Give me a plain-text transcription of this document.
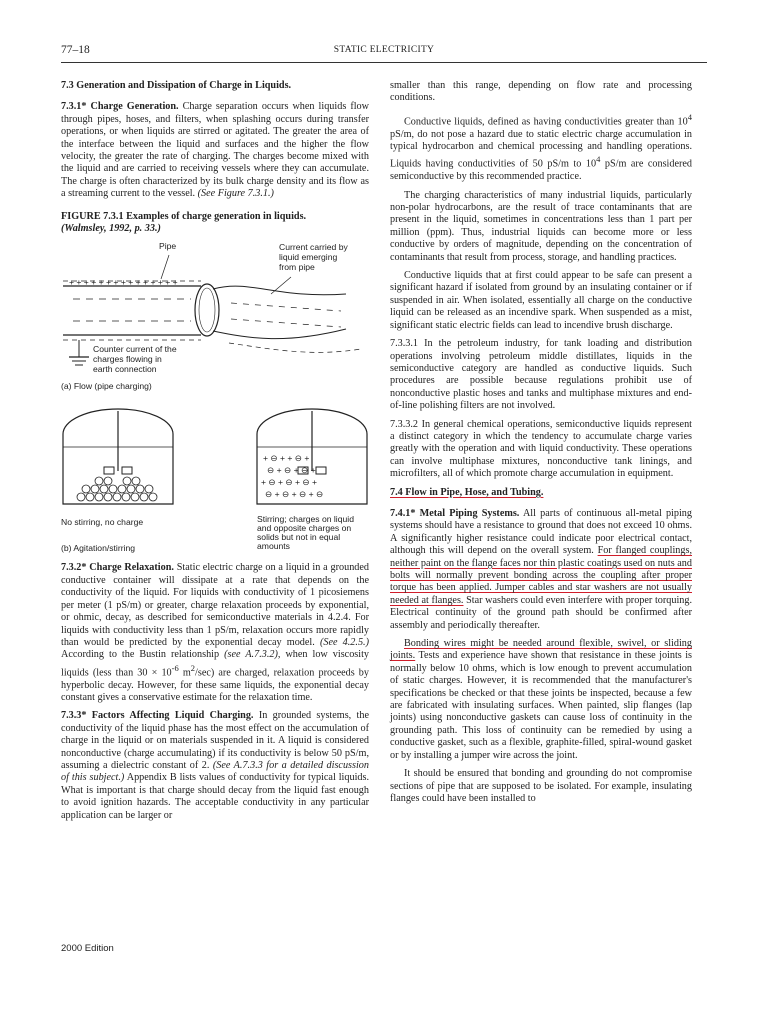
77–18	STATIC ELECTRICITY

7.3 Generation and Dissipation of Charge in Liquids.

7.3.1* Charge Generation. Charge separation occurs when liquids flow through pipes, hoses, and filters, when splashing occurs during transfer operations, or when liquids are stirred or agitated. The greater the area of the interface between the liquid and surfaces and the higher the flow velocity, the greater the rate of charging. The charges become mixed with the liquid and are carried to receiving vessels where they can accumulate. The charge is often characterized by its bulk charge density and its flow as a streaming current to the vessel. (See Figure 7.3.1.)

FIGURE 7.3.1 Examples of charge generation in liquids.
(Walmsley, 1992, p. 33.)

+ + + + + + + + + + + + + + +
Pipe	Current carried by
liquid emerging
from pipe
Counter current of the
charges flowing in
earth connection
(a) Flow (pipe charging)
+ ⊖ + + ⊖ +
⊖ + ⊖ + ⊖ +
+ ⊖ + ⊖ + ⊖ +
⊖ + ⊖ + ⊖ + ⊖
No stirring, no charge	Stirring; charges on liquid
and opposite charges on
solids but not in equal
amounts
(b) Agitation/stirring

7.3.2* Charge Relaxation. Static electric charge on a liquid in a grounded conductive container will dissipate at a rate that depends on the conductivity of the liquid. For liquids with conductivity of 1 picosiemens per meter (1 pS/m) or greater, charge relaxation proceeds by exponential, or ohmic, decay, as described for semiconductive materials in 4.2.4. For liquids with conductivity less than 1 pS/m, relaxation occurs more rapidly than would be predicted by the exponential decay model. (See 4.2.5.) According to the Bustin relationship (see A.7.3.2), when low viscosity liquids (less than $30 \times 10^{-6}$ $m^2/\sec$) are charged, relaxation proceeds by hyperbolic decay. However, for these same liquids, the exponential decay constant gives a conservative estimate for the relaxation time.

7.3.3* Factors Affecting Liquid Charging. In grounded systems, the conductivity of the liquid phase has the most effect on the accumulation of charge in the liquid or on materials suspended in it. A liquid is considered nonconductive (charge accumulating) if its conductivity is below 50 pS/m, assuming a dielectric constant of 2. (See A.7.3.3 for a detailed discussion of this subject.) Appendix B lists values of conductivity for typical liquids. What is important is that charge should decay from the liquid fast enough to avoid ignition hazards. The acceptable conductivity in any particular application can be larger or

smaller than this range, depending on flow rate and processing conditions.

Conductive liquids, defined as having conductivities greater than $10^4$ pS/m, do not pose a hazard due to static electric charge accumulation in typical hydrocarbon and chemical processing and handling operations. Liquids having conductivities of 50 pS/m to $10^4$ pS/m are considered semiconductive by this recommended practice.

The charging characteristics of many industrial liquids, particularly non-polar hydrocarbons, are the result of trace contaminants that are present in the liquid, sometimes in concentrations less than 1 part per million (ppm). Thus, industrial liquids can become more or less conductive by orders of magnitude, depending on the concentration of contaminants that result from process, storage, and handling practices.

Conductive liquids that at first could appear to be safe can present a significant hazard if isolated from ground by an insulating container or if suspended in air. When isolated, essentially all charge on the conductive liquid can be released as an incendive spark. When suspended as a mist, significant static electric fields can lead to incendive brush discharge.

7.3.3.1 In the petroleum industry, for tank loading and distribution operations involving petroleum middle distillates, liquids in the semiconductive category are handled as conductive liquids. Such procedures are possible because regulations prohibit use of nonconductive plastic hoses and tanks and multiphase mixtures and end-of-line polishing filters are not involved.

7.3.3.2 In general chemical operations, semiconductive liquids represent a distinct category in which the tendency to accumulate charge varies greatly with the operation and with liquid conductivity. These operations can involve multiphase mixtures, nonconductive tank linings, and microfilters, all of which promote charge accumulation in equipment.

7.4 Flow in Pipe, Hose, and Tubing.

7.4.1* Metal Piping Systems. All parts of continuous all-metal piping systems should have a resistance to ground that does not exceed 10 ohms. A significantly higher resistance could indicate poor electrical contact, although this will depend on the overall system. For flanged couplings, neither paint on the flange faces nor thin plastic coatings used on nuts and bolts will normally prevent bonding across the coupling after proper torque has been applied. Jumper cables and star washers are not usually needed at flanges. Star washers could even interfere with proper torquing. Electrical continuity of the ground path should be confirmed after assembly and periodically thereafter.

Bonding wires might be needed around flexible, swivel, or sliding joints. Tests and experience have shown that resistance in these joints is normally below 10 ohms, which is low enough to prevent accumulation of static charges. However, it is recommended that the manufacturer's specifications be checked or that these joints be inspected, because a few are fabricated with insulating surfaces. When painted, slip flanges (lap joints) using nonconductive gaskets can cause loss of continuity in the grounding path. This loss of continuity can be remedied by using a conductive gasket, such as a flexible, graphite-filled, spiral-wound gasket or by installing a jumper wire across the joint.

It should be ensured that bonding and grounding do not compromise sections of pipe that are supposed to be isolated. For example, insulating flanges could have been installed to

2000 Edition
